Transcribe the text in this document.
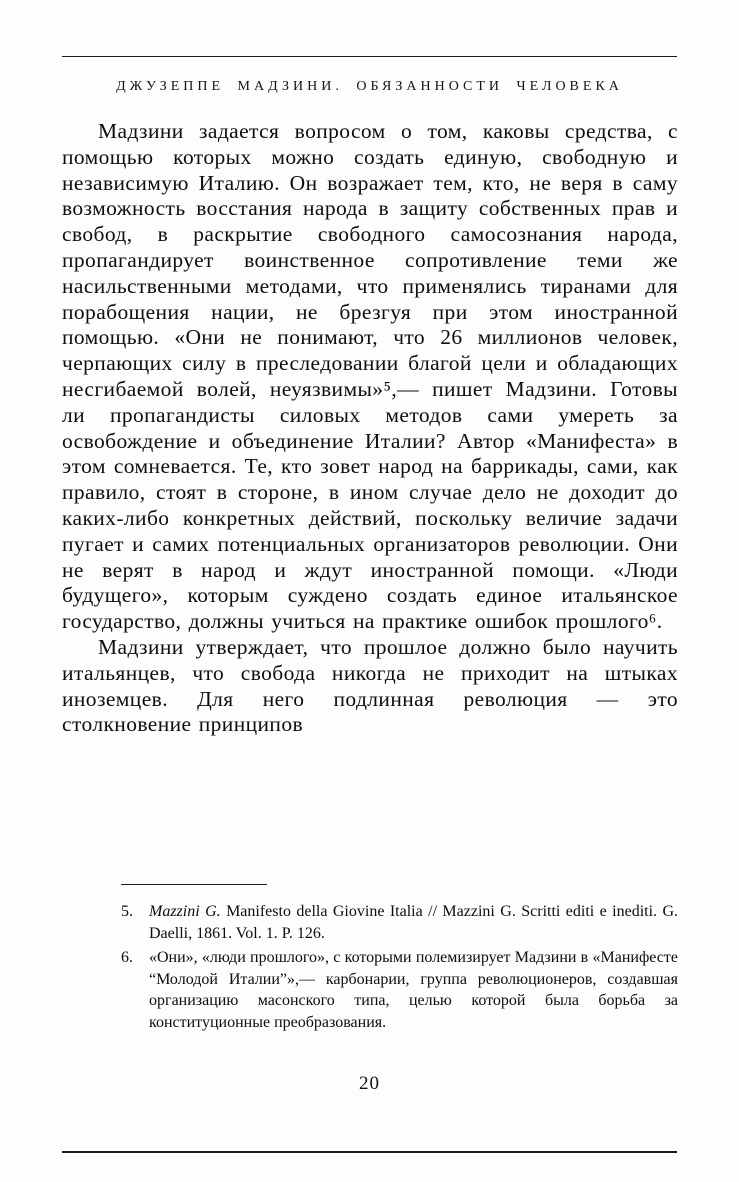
ДЖУЗЕППЕ МАДЗИНИ. ОБЯЗАННОСТИ ЧЕЛОВЕКА

Мадзини задается вопросом о том, каковы средства, с помощью которых можно создать единую, свободную и независимую Италию. Он возражает тем, кто, не веря в саму возможность восстания народа в защиту собственных прав и свобод, в раскрытие свободного самосознания народа, пропагандирует воинственное сопротивление теми же насильственными методами, что применялись тиранами для порабощения нации, не брезгуя при этом иностранной помощью. «Они не понимают, что 26 миллионов человек, черпающих силу в преследовании благой цели и обладающих несгибаемой волей, неуязвимы»⁵,— пишет Мадзини. Готовы ли пропагандисты силовых методов сами умереть за освобождение и объединение Италии? Автор «Манифеста» в этом сомневается. Те, кто зовет народ на баррикады, сами, как правило, стоят в стороне, в ином случае дело не доходит до каких-либо конкретных действий, поскольку величие задачи пугает и самих потенциальных организаторов революции. Они не верят в народ и ждут иностранной помощи. «Люди будущего», которым суждено создать единое итальянское государство, должны учиться на практике ошибок прошлого⁶.

Мадзини утверждает, что прошлое должно было научить итальянцев, что свобода никогда не приходит на штыках иноземцев. Для него подлинная революция — это столкновение принципов

5.	Mazzini G. Manifesto della Giovine Italia // Mazzini G. Scritti editi e inediti. G. Daelli, 1861. Vol. 1. P. 126.
6.	«Они», «люди прошлого», с которыми полемизирует Мадзини в «Манифесте “Молодой Италии”»,— карбонарии, группа революционеров, создавшая организацию масонского типа, целью которой была борьба за конституционные преобразования.
20
